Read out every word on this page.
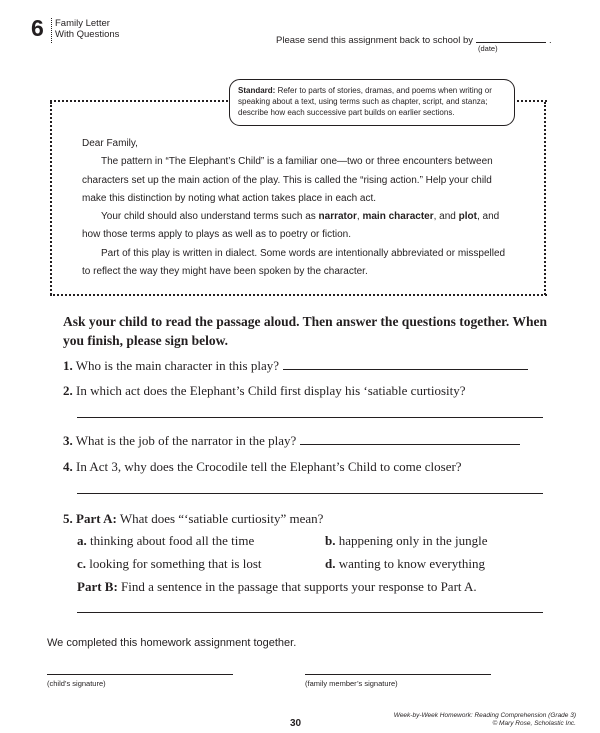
6 Family Letter
With Questions
Please send this assignment back to school by	.
(date)
Standard: Refer to parts of stories, dramas, and poems when writing or speaking about a text, using terms such as chapter, script, and stanza; describe how each successive part builds on earlier sections.

Dear Family,

The pattern in “The Elephant’s Child” is a familiar one—two or three encounters between characters set up the main action of the play. This is called the “rising action.” Help your child make this distinction by noting what action takes place in each act.

Your child should also understand terms such as narrator, main character, and plot, and how those terms apply to plays as well as to poetry or fiction.

Part of this play is written in dialect. Some words are intentionally abbreviated or misspelled to reflect the way they might have been spoken by the character.

Ask your child to read the passage aloud. Then answer the questions together. When you finish, please sign below.
1. Who is the main character in this play?
2. In which act does the Elephant’s Child first display his ‘satiable curtiosity?
3. What is the job of the narrator in the play?
4. In Act 3, why does the Crocodile tell the Elephant’s Child to come closer?
5. Part A: What does “‘satiable curtiosity” mean?
a. thinking about food all the time	b. happening only in the jungle
c. looking for something that is lost	d. wanting to know everything
Part B: Find a sentence in the passage that supports your response to Part A.
We completed this homework assignment together.
(child’s signature)	(family member’s signature)
30
Week-by-Week Homework: Reading Comprehension (Grade 3)
© Mary Rose, Scholastic Inc.
